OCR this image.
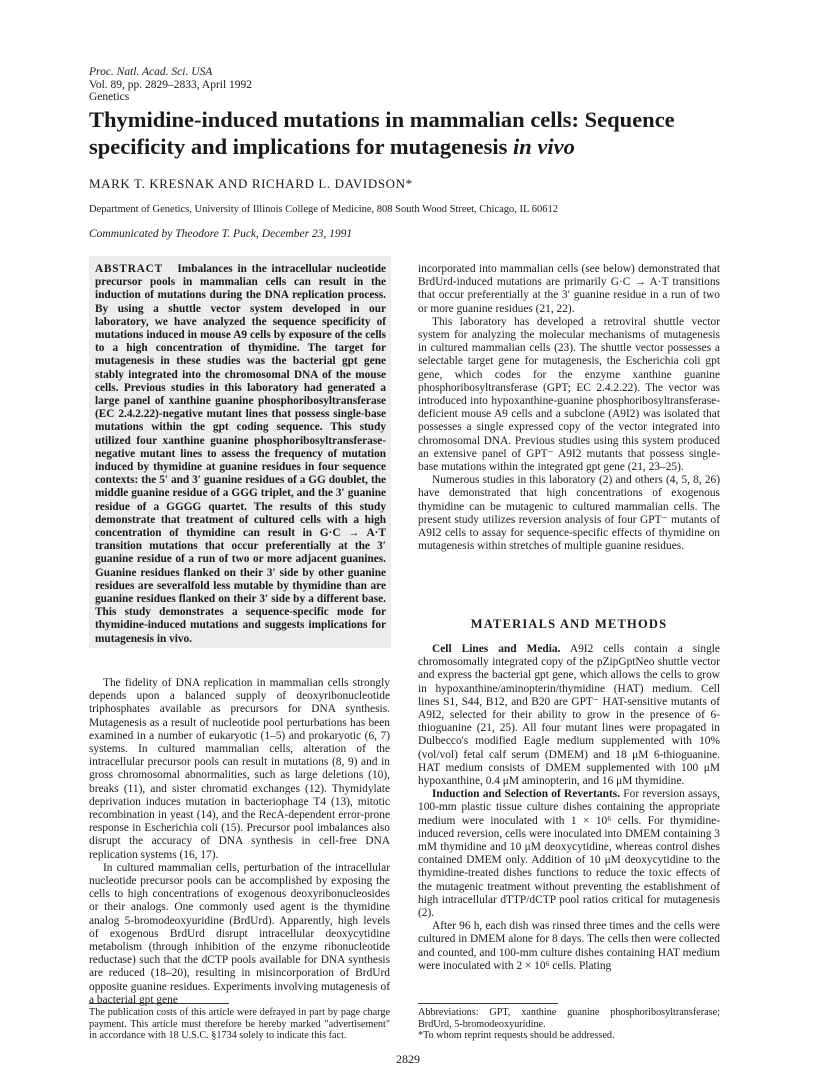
Proc. Natl. Acad. Sci. USA
Vol. 89, pp. 2829–2833, April 1992
Genetics
Thymidine-induced mutations in mammalian cells: Sequence
specificity and implications for mutagenesis in vivo
MARK T. KRESNAK AND RICHARD L. DAVIDSON*
Department of Genetics, University of Illinois College of Medicine, 808 South Wood Street, Chicago, IL 60612
Communicated by Theodore T. Puck, December 23, 1991

ABSTRACT Imbalances in the intracellular nucleotide precursor pools in mammalian cells can result in the induction of mutations during the DNA replication process. By using a shuttle vector system developed in our laboratory, we have analyzed the sequence specificity of mutations induced in mouse A9 cells by exposure of the cells to a high concentration of thymidine. The target for mutagenesis in these studies was the bacterial gpt gene stably integrated into the chromosomal DNA of the mouse cells. Previous studies in this laboratory had generated a large panel of xanthine guanine phosphoribosyltransferase (EC 2.4.2.22)-negative mutant lines that possess single-base mutations within the gpt coding sequence. This study utilized four xanthine guanine phosphoribosyltransferase-negative mutant lines to assess the frequency of mutation induced by thymidine at guanine residues in four sequence contexts: the 5′ and 3′ guanine residues of a GG doublet, the middle guanine residue of a GGG triplet, and the 3′ guanine residue of a GGGG quartet. The results of this study demonstrate that treatment of cultured cells with a high concentration of thymidine can result in G·C → A·T transition mutations that occur preferentially at the 3′ guanine residue of a run of two or more adjacent guanines. Guanine residues flanked on their 3′ side by other guanine residues are severalfold less mutable by thymidine than are guanine residues flanked on their 3′ side by a different base. This study demonstrates a sequence-specific mode for thymidine-induced mutations and suggests implications for mutagenesis in vivo.

The fidelity of DNA replication in mammalian cells strongly depends upon a balanced supply of deoxyribonucleotide triphosphates available as precursors for DNA synthesis. Mutagenesis as a result of nucleotide pool perturbations has been examined in a number of eukaryotic (1–5) and prokaryotic (6, 7) systems. In cultured mammalian cells, alteration of the intracellular precursor pools can result in mutations (8, 9) and in gross chromosomal abnormalities, such as large deletions (10), breaks (11), and sister chromatid exchanges (12). Thymidylate deprivation induces mutation in bacteriophage T4 (13), mitotic recombination in yeast (14), and the RecA-dependent error-prone response in Escherichia coli (15). Precursor pool imbalances also disrupt the accuracy of DNA synthesis in cell-free DNA replication systems (16, 17).

In cultured mammalian cells, perturbation of the intracellular nucleotide precursor pools can be accomplished by exposing the cells to high concentrations of exogenous deoxyribonucleosides or their analogs. One commonly used agent is the thymidine analog 5-bromodeoxyuridine (BrdUrd). Apparently, high levels of exogenous BrdUrd disrupt intracellular deoxycytidine metabolism (through inhibition of the enzyme ribonucleotide reductase) such that the dCTP pools available for DNA synthesis are reduced (18–20), resulting in misincorporation of BrdUrd opposite guanine residues. Experiments involving mutagenesis of a bacterial gpt gene

incorporated into mammalian cells (see below) demonstrated that BrdUrd-induced mutations are primarily G·C → A·T transitions that occur preferentially at the 3′ guanine residue in a run of two or more guanine residues (21, 22).

This laboratory has developed a retroviral shuttle vector system for analyzing the molecular mechanisms of mutagenesis in cultured mammalian cells (23). The shuttle vector possesses a selectable target gene for mutagenesis, the Escherichia coli gpt gene, which codes for the enzyme xanthine guanine phosphoribosyltransferase (GPT; EC 2.4.2.22). The vector was introduced into hypoxanthine-guanine phosphoribosyltransferase-deficient mouse A9 cells and a subclone (A9I2) was isolated that possesses a single expressed copy of the vector integrated into chromosomal DNA. Previous studies using this system produced an extensive panel of GPT⁻ A9I2 mutants that possess single-base mutations within the integrated gpt gene (21, 23–25).

Numerous studies in this laboratory (2) and others (4, 5, 8, 26) have demonstrated that high concentrations of exogenous thymidine can be mutagenic to cultured mammalian cells. The present study utilizes reversion analysis of four GPT⁻ mutants of A9I2 cells to assay for sequence-specific effects of thymidine on mutagenesis within stretches of multiple guanine residues.

MATERIALS AND METHODS

Cell Lines and Media. A9I2 cells contain a single chromosomally integrated copy of the pZipGptNeo shuttle vector and express the bacterial gpt gene, which allows the cells to grow in hypoxanthine/aminopterin/thymidine (HAT) medium. Cell lines S1, S44, B12, and B20 are GPT⁻ HAT-sensitive mutants of A9I2, selected for their ability to grow in the presence of 6-thioguanine (21, 25). All four mutant lines were propagated in Dulbecco's modified Eagle medium supplemented with 10% (vol/vol) fetal calf serum (DMEM) and 18 μM 6-thioguanine. HAT medium consists of DMEM supplemented with 100 μM hypoxanthine, 0.4 μM aminopterin, and 16 μM thymidine.

Induction and Selection of Revertants. For reversion assays, 100-mm plastic tissue culture dishes containing the appropriate medium were inoculated with 1 × 10⁶ cells. For thymidine-induced reversion, cells were inoculated into DMEM containing 3 mM thymidine and 10 μM deoxycytidine, whereas control dishes contained DMEM only. Addition of 10 μM deoxycytidine to the thymidine-treated dishes functions to reduce the toxic effects of the mutagenic treatment without preventing the establishment of high intracellular dTTP/dCTP pool ratios critical for mutagenesis (2).

After 96 h, each dish was rinsed three times and the cells were cultured in DMEM alone for 8 days. The cells then were collected and counted, and 100-mm culture dishes containing HAT medium were inoculated with 2 × 10⁶ cells. Plating

The publication costs of this article were defrayed in part by page charge payment. This article must therefore be hereby marked "advertisement" in accordance with 18 U.S.C. §1734 solely to indicate this fact.
Abbreviations: GPT, xanthine guanine phosphoribosyltransferase; BrdUrd, 5-bromodeoxyuridine.
*To whom reprint requests should be addressed.
2829
